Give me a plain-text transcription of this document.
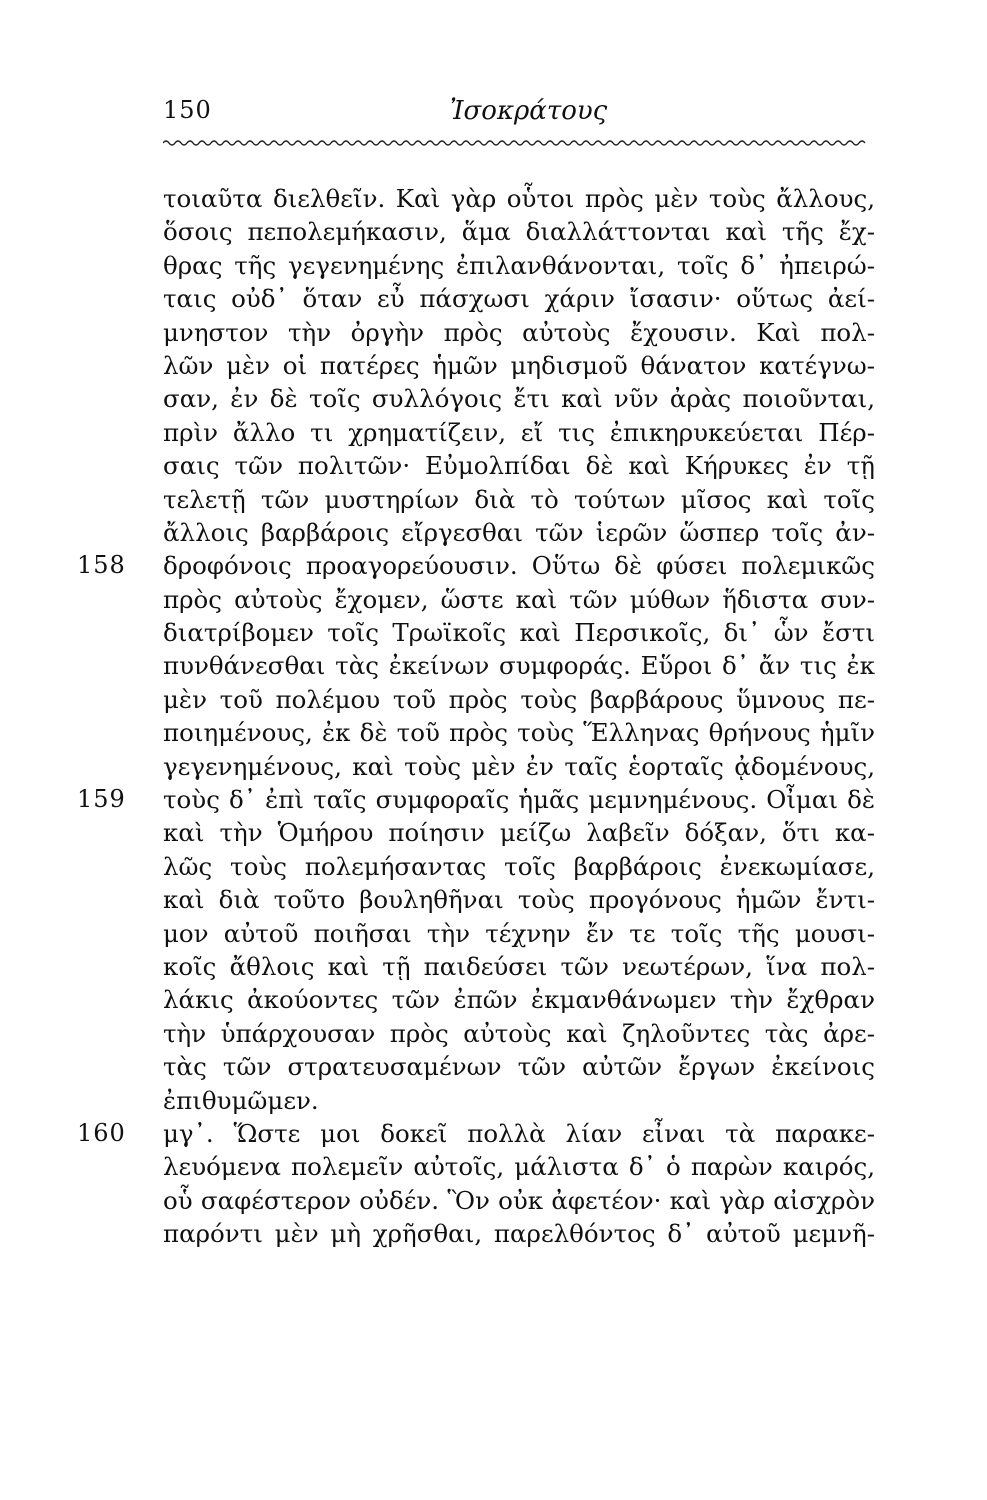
150	Ἰσοκράτους
τοιαῦτα διελθεῖν. Καὶ γὰρ οὗτοι πρὸς μὲν τοὺς ἄλλους,
ὅσοις πεπολεμήκασιν, ἅμα διαλλάττονται καὶ τῆς ἔχ-
θρας τῆς γεγενημένης ἐπιλανθάνονται, τοῖς δ᾽ ἠπειρώ-
ταις οὐδ᾽ ὅταν εὖ πάσχωσι χάριν ἴσασιν· οὕτως ἀεί-
μνηστον τὴν ὀργὴν πρὸς αὐτοὺς ἔχουσιν. Καὶ πολ-
λῶν μὲν οἱ πατέρες ἡμῶν μηδισμοῦ θάνατον κατέγνω-
σαν, ἐν δὲ τοῖς συλλόγοις ἔτι καὶ νῦν ἀρὰς ποιοῦνται,
πρὶν ἄλλο τι χρηματίζειν, εἴ τις ἐπικηρυκεύεται Πέρ-
σαις τῶν πολιτῶν· Εὐμολπίδαι δὲ καὶ Κήρυκες ἐν τῇ
τελετῇ τῶν μυστηρίων διὰ τὸ τούτων μῖσος καὶ τοῖς
ἄλλοις βαρβάροις εἴργεσθαι τῶν ἱερῶν ὥσπερ τοῖς ἀν-
158 δροφόνοις προαγορεύουσιν. Οὕτω δὲ φύσει πολεμικῶς
πρὸς αὐτοὺς ἔχομεν, ὥστε καὶ τῶν μύθων ἥδιστα συν-
διατρίβομεν τοῖς Τρωϊκοῖς καὶ Περσικοῖς, δι᾽ ὧν ἔστι
πυνθάνεσθαι τὰς ἐκείνων συμφοράς. Εὕροι δ᾽ ἄν τις ἐκ
μὲν τοῦ πολέμου τοῦ πρὸς τοὺς βαρβάρους ὕμνους πε-
ποιημένους, ἐκ δὲ τοῦ πρὸς τοὺς Ἕλληνας θρήνους ἡμῖν
γεγενημένους, καὶ τοὺς μὲν ἐν ταῖς ἑορταῖς ᾀδομένους,
159 τοὺς δ᾽ ἐπὶ ταῖς συμφοραῖς ἡμᾶς μεμνημένους. Οἶμαι δὲ
καὶ τὴν Ὁμήρου ποίησιν μείζω λαβεῖν δόξαν, ὅτι κα-
λῶς τοὺς πολεμήσαντας τοῖς βαρβάροις ἐνεκωμίασε,
καὶ διὰ τοῦτο βουληθῆναι τοὺς προγόνους ἡμῶν ἔντι-
μον αὐτοῦ ποιῆσαι τὴν τέχνην ἔν τε τοῖς τῆς μουσι-
κοῖς ἄθλοις καὶ τῇ παιδεύσει τῶν νεωτέρων, ἵνα πολ-
λάκις ἀκούοντες τῶν ἐπῶν ἐκμανθάνωμεν τὴν ἔχθραν
τὴν ὑπάρχουσαν πρὸς αὐτοὺς καὶ ζηλοῦντες τὰς ἀρε-
τὰς τῶν στρατευσαμένων τῶν αὐτῶν ἔργων ἐκείνοις
ἐπιθυμῶμεν.
160 μγ᾽. Ὥστε μοι δοκεῖ πολλὰ λίαν εἶναι τὰ παρακε-
λευόμενα πολεμεῖν αὐτοῖς, μάλιστα δ᾽ ὁ παρὼν καιρός,
οὗ σαφέστερον οὐδέν. Ὃν οὐκ ἀφετέον· καὶ γὰρ αἰσχρὸν
παρόντι μὲν μὴ χρῆσθαι, παρελθόντος δ᾽ αὐτοῦ μεμνῆ-
